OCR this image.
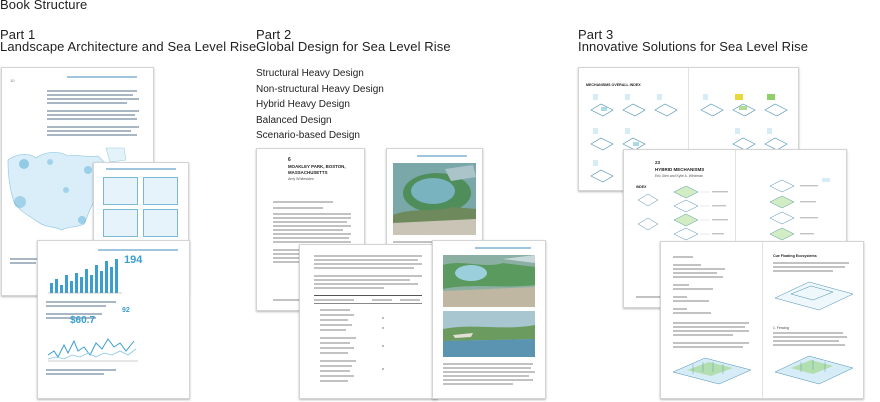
Book Structure
Part 1
Landscape Architecture and Sea Level Rise
Part 2
Global Design for Sea Level Rise
Part 3
Innovative Solutions for Sea Level Rise
Structural Heavy Design
Non-structural Heavy Design
Hybrid Heavy Design
Balanced Design
Scenario-based Design
10
194
92
$60.7
6
MOAKLEY PARK, BOSTON,
MASSACHUSETTS
Amy Whitesides
x
x
x
x
MECHANISMS OVERALL INDEX
23
HYBRID MECHANISMS
Eric Glen and Kylie A. Wineman
INDEX
Cue Floating Ecosystems
1. Fencing
